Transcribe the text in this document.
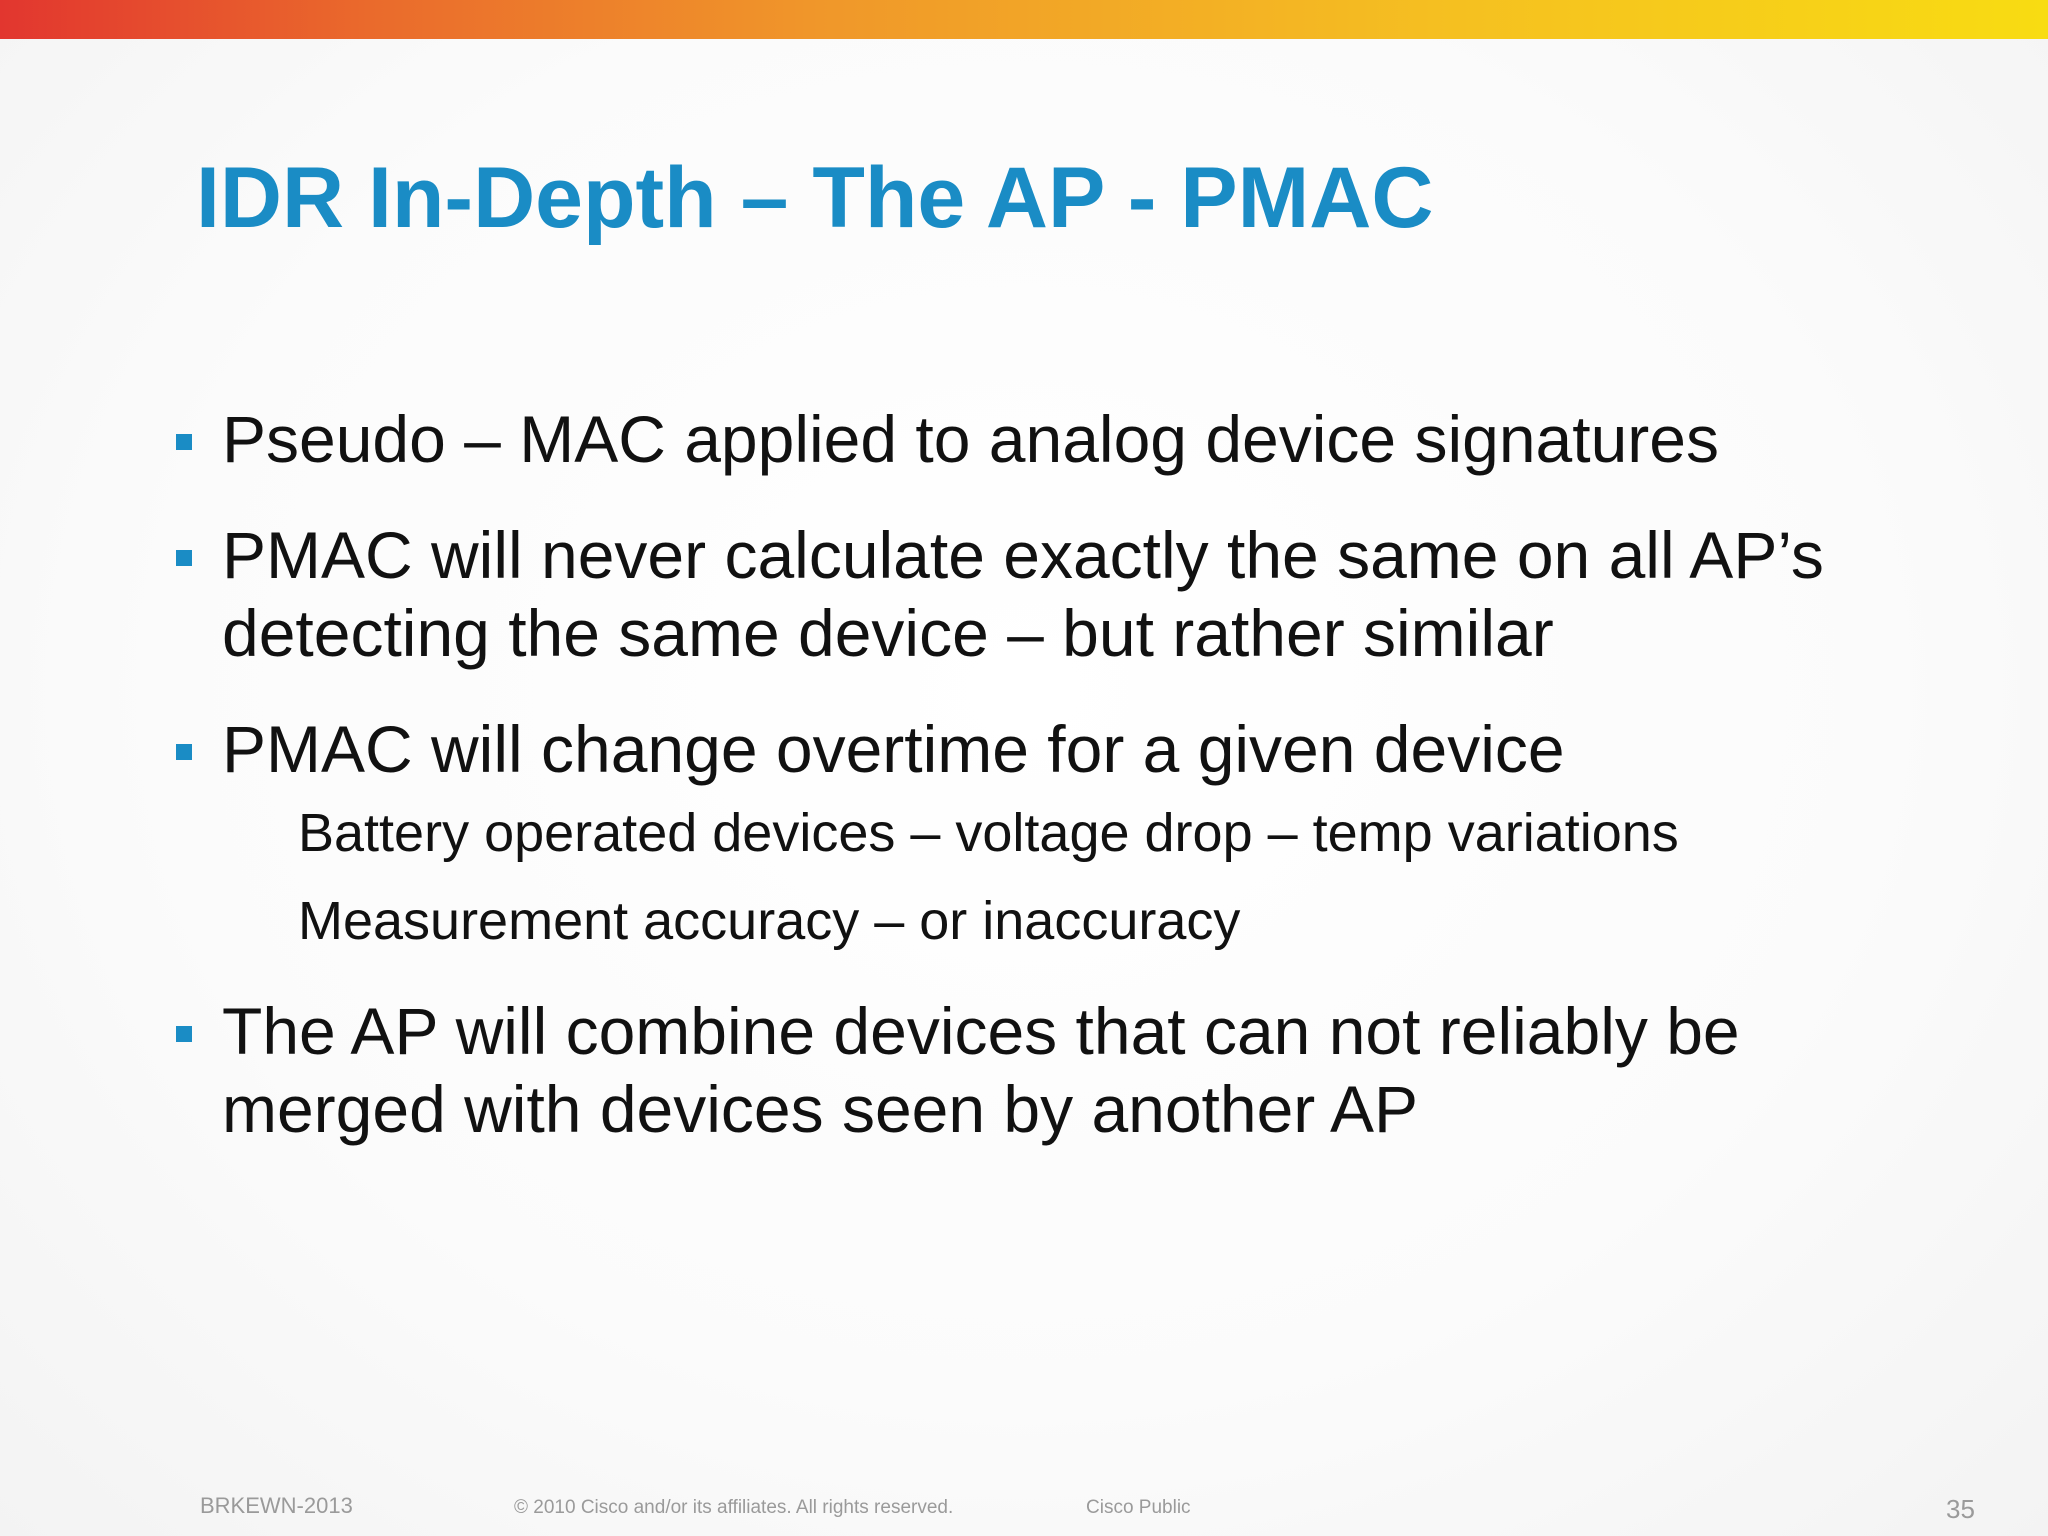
IDR In-Depth – The AP - PMAC
Pseudo – MAC applied to analog device signatures
PMAC will never calculate exactly the same on all AP’s detecting the same device – but rather similar
PMAC will change overtime for a given device
Battery operated devices – voltage drop – temp variations
Measurement accuracy – or inaccuracy
The AP will combine devices that can not reliably be merged with devices seen by another AP
BRKEWN-2013	© 2010 Cisco and/or its affiliates. All rights reserved.	Cisco Public	35
